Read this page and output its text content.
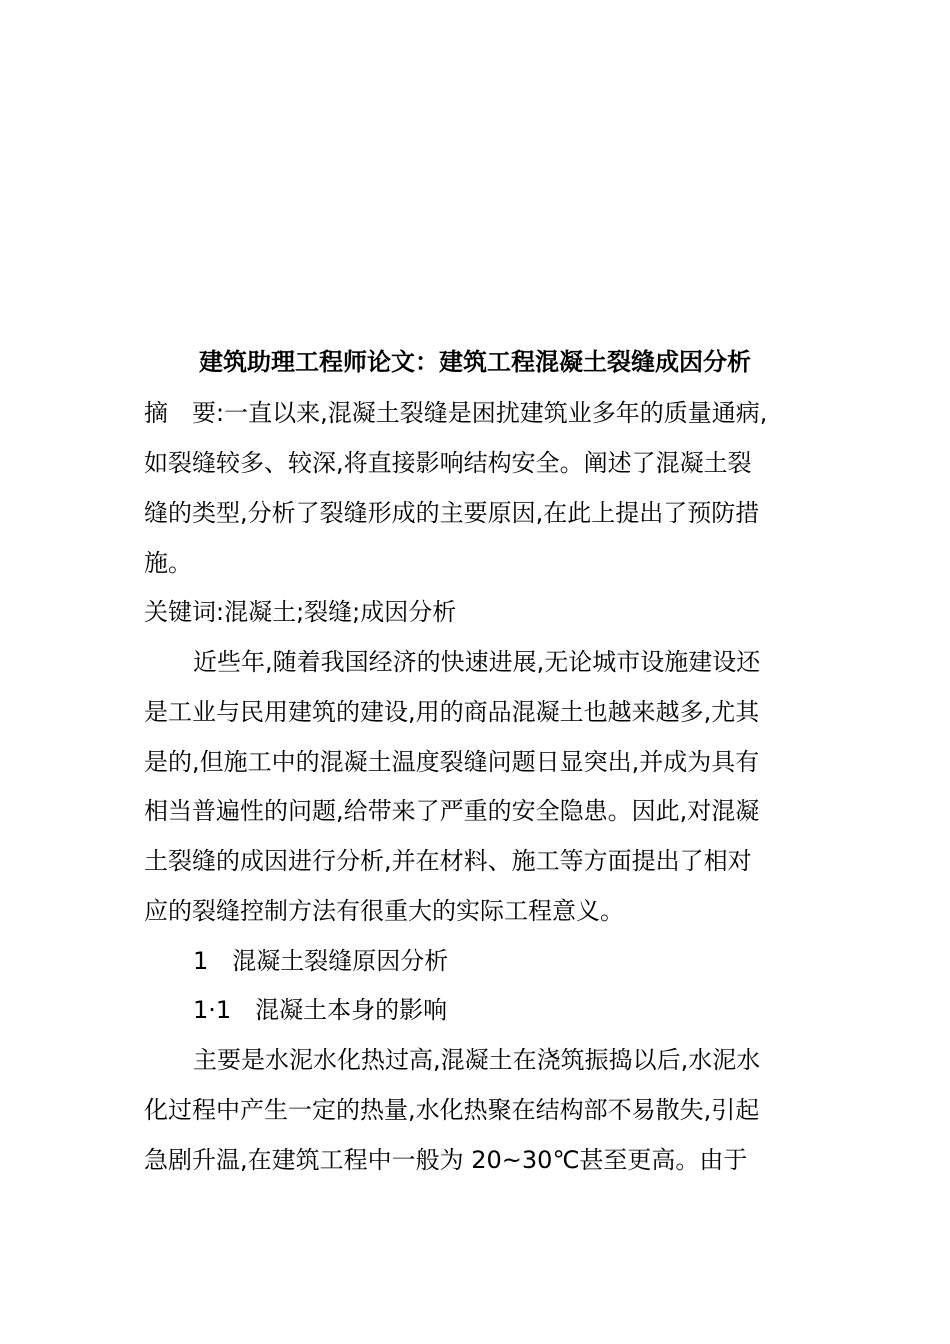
建筑助理工程师论文：建筑工程混凝土裂缝成因分析
摘　要:一直以来,混凝土裂缝是困扰建筑业多年的质量通病,
如裂缝较多、较深,将直接影响结构安全。阐述了混凝土裂
缝的类型,分析了裂缝形成的主要原因,在此上提出了预防措
施。
关键词:混凝土;裂缝;成因分析
近些年,随着我国经济的快速进展,无论城市设施建设还
是工业与民用建筑的建设,用的商品混凝土也越来越多,尤其
是的,但施工中的混凝土温度裂缝问题日显突出,并成为具有
相当普遍性的问题,给带来了严重的安全隐患。因此,对混凝
土裂缝的成因进行分析,并在材料、施工等方面提出了相对
应的裂缝控制方法有很重大的实际工程意义。
1　混凝土裂缝原因分析
1·1　混凝土本身的影响
主要是水泥水化热过高,混凝土在浇筑振捣以后,水泥水
化过程中产生一定的热量,水化热聚在结构部不易散失,引起
急剧升温,在建筑工程中一般为 20~30℃甚至更高。由于
